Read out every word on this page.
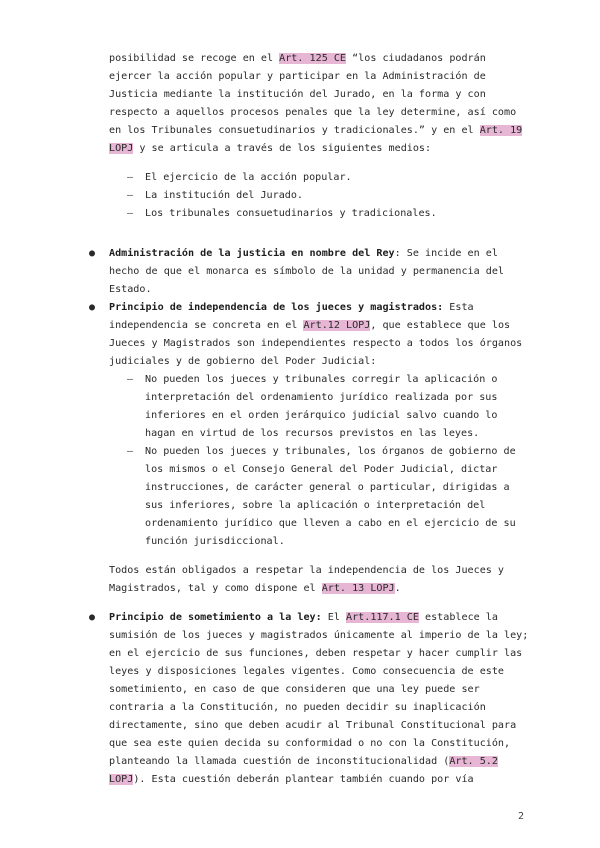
posibilidad se recoge en el Art. 125 CE “los ciudadanos podrán
ejercer la acción popular y participar en la Administración de
Justicia mediante la institución del Jurado, en la forma y con
respecto a aquellos procesos penales que la ley determine, así como
en los Tribunales consuetudinarios y tradicionales.” y en el Art. 19
LOPJ y se articula a través de los siguientes medios:
– El ejercicio de la acción popular.
– La institución del Jurado.
– Los tribunales consuetudinarios y tradicionales.
● Administración de la justicia en nombre del Rey: Se incide en el
hecho de que el monarca es símbolo de la unidad y permanencia del
Estado.
● Principio de independencia de los jueces y magistrados: Esta
independencia se concreta en el Art.12 LOPJ, que establece que los
Jueces y Magistrados son independientes respecto a todos los órganos
judiciales y de gobierno del Poder Judicial:
– No pueden los jueces y tribunales corregir la aplicación o
interpretación del ordenamiento jurídico realizada por sus
inferiores en el orden jerárquico judicial salvo cuando lo
hagan en virtud de los recursos previstos en las leyes.
– No pueden los jueces y tribunales, los órganos de gobierno de
los mismos o el Consejo General del Poder Judicial, dictar
instrucciones, de carácter general o particular, dirigidas a
sus inferiores, sobre la aplicación o interpretación del
ordenamiento jurídico que lleven a cabo en el ejercicio de su
función jurisdiccional.
Todos están obligados a respetar la independencia de los Jueces y
Magistrados, tal y como dispone el Art. 13 LOPJ.
● Principio de sometimiento a la ley: El Art.117.1 CE establece la
sumisión de los jueces y magistrados únicamente al imperio de la ley;
en el ejercicio de sus funciones, deben respetar y hacer cumplir las
leyes y disposiciones legales vigentes. Como consecuencia de este
sometimiento, en caso de que consideren que una ley puede ser
contraria a la Constitución, no pueden decidir su inaplicación
directamente, sino que deben acudir al Tribunal Constitucional para
que sea este quien decida su conformidad o no con la Constitución,
planteando la llamada cuestión de inconstitucionalidad (Art. 5.2
LOPJ). Esta cuestión deberán plantear también cuando por vía
2
